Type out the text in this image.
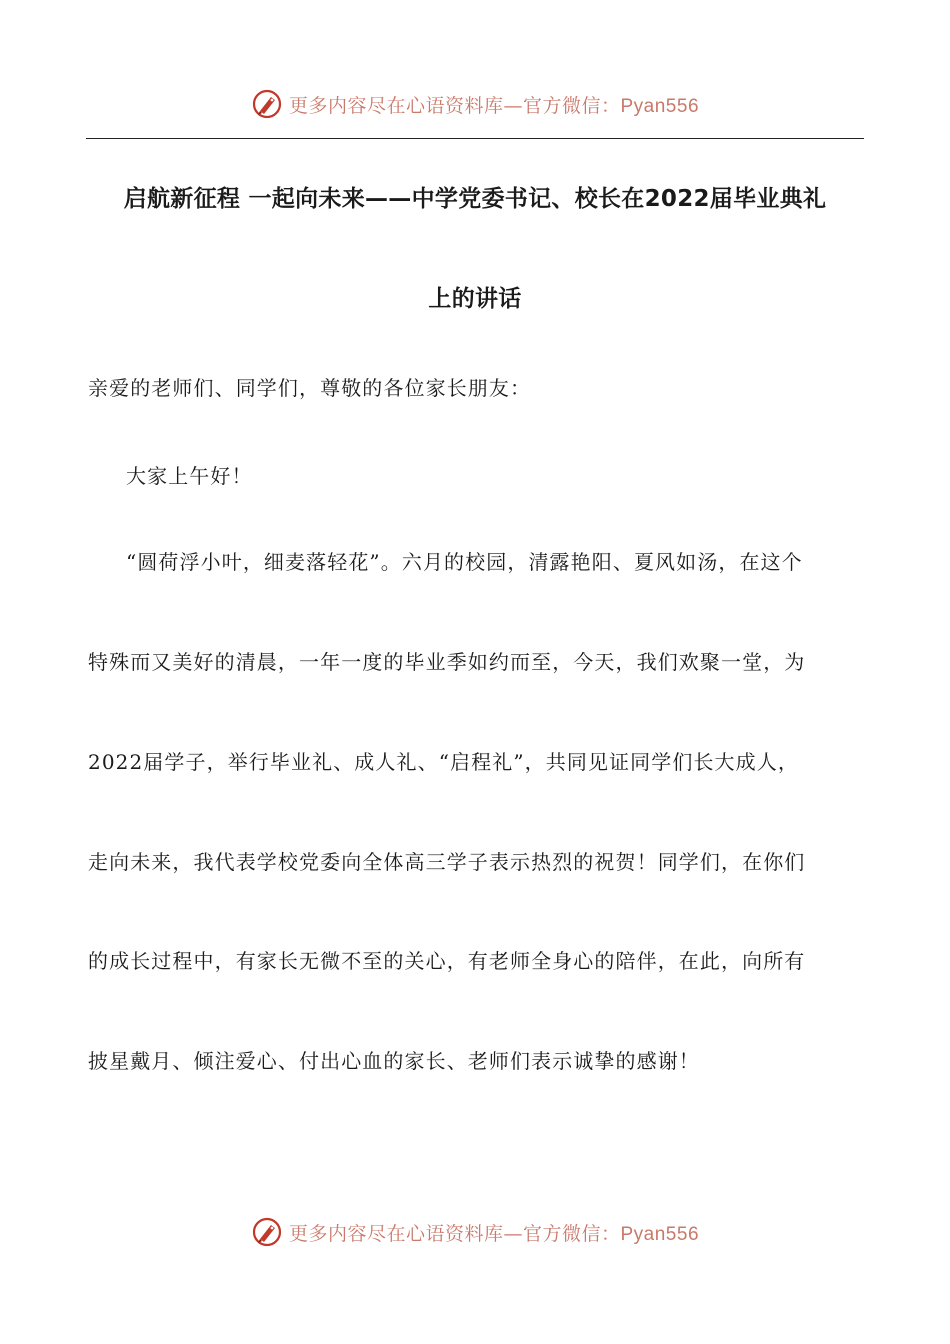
更多内容尽在心语资料库—官方微信：Pyan556
启航新征程 一起向未来——中学党委书记、校长在2022届毕业典礼
上的讲话
亲爱的老师们、同学们，尊敬的各位家长朋友：
大家上午好！
“圆荷浮小叶，细麦落轻花”。六月的校园，清露艳阳、夏风如汤，在这个
特殊而又美好的清晨，一年一度的毕业季如约而至，今天，我们欢聚一堂，为
2022届学子，举行毕业礼、成人礼、“启程礼”，共同见证同学们长大成人，
走向未来，我代表学校党委向全体高三学子表示热烈的祝贺！同学们，在你们
的成长过程中，有家长无微不至的关心，有老师全身心的陪伴，在此，向所有
披星戴月、倾注爱心、付出心血的家长、老师们表示诚挚的感谢！
更多内容尽在心语资料库—官方微信：Pyan556
